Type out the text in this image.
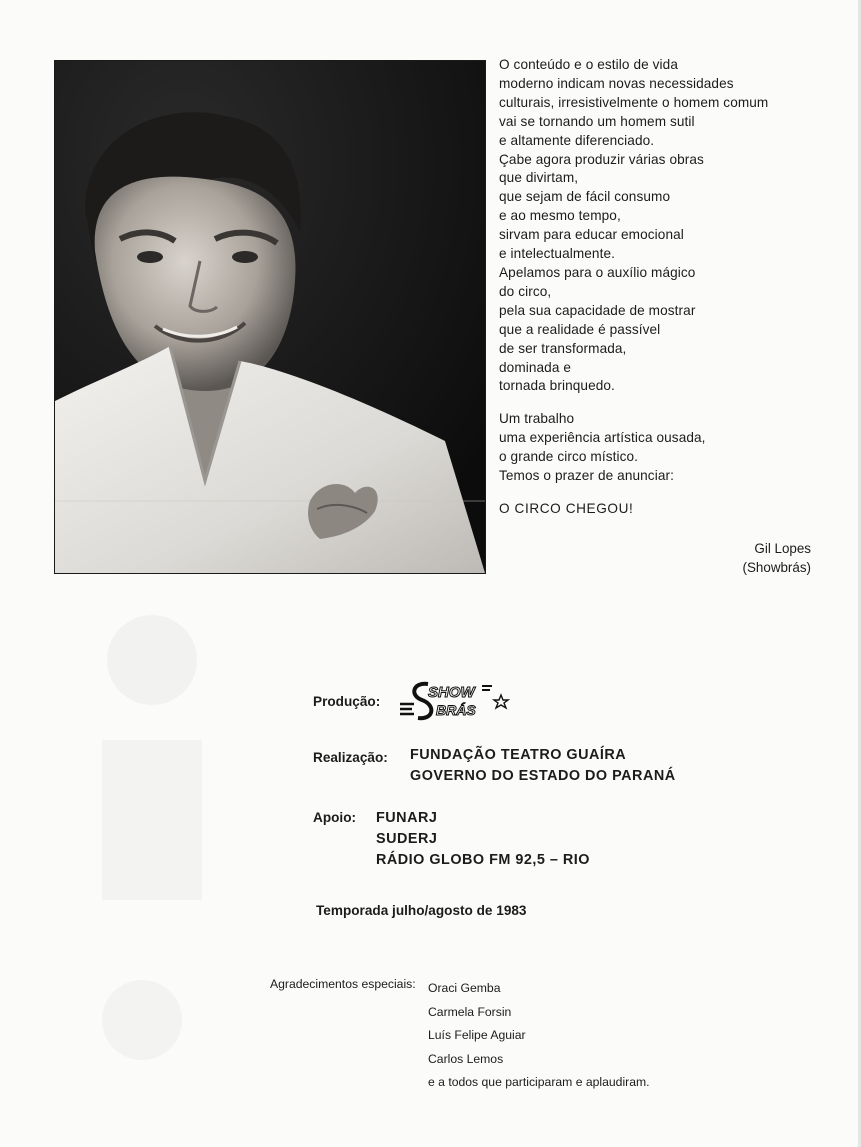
O conteúdo e o estilo de vida
moderno indicam novas necessidades
culturais, irresistivelmente o homem comum
vai se tornando um homem sutil
e altamente diferenciado.
Çabe agora produzir várias obras
que divirtam,
que sejam de fácil consumo
e ao mesmo tempo,
sirvam para educar emocional
e intelectualmente.
Apelamos para o auxílio mágico
do circo,
pela sua capacidade de mostrar
que a realidade é passível
de ser transformada,
dominada e
tornada brinquedo.

Um trabalho
uma experiência artística ousada,
o grande circo místico.
Temos o prazer de anunciar:

O CIRCO CHEGOU!

Gil Lopes
(Showbrás)
Produção:
SHOW
BRÁS
Realização: FUNDAÇÃO TEATRO GUAÍRA
GOVERNO DO ESTADO DO PARANÁ
Apoio: FUNARJ
SUDERJ
RÁDIO GLOBO FM 92,5 – RIO
Temporada julho/agosto de 1983
Agradecimentos especiais: Oraci Gemba
Carmela Forsin
Luís Felipe Aguiar
Carlos Lemos
e a todos que participaram e aplaudiram.
